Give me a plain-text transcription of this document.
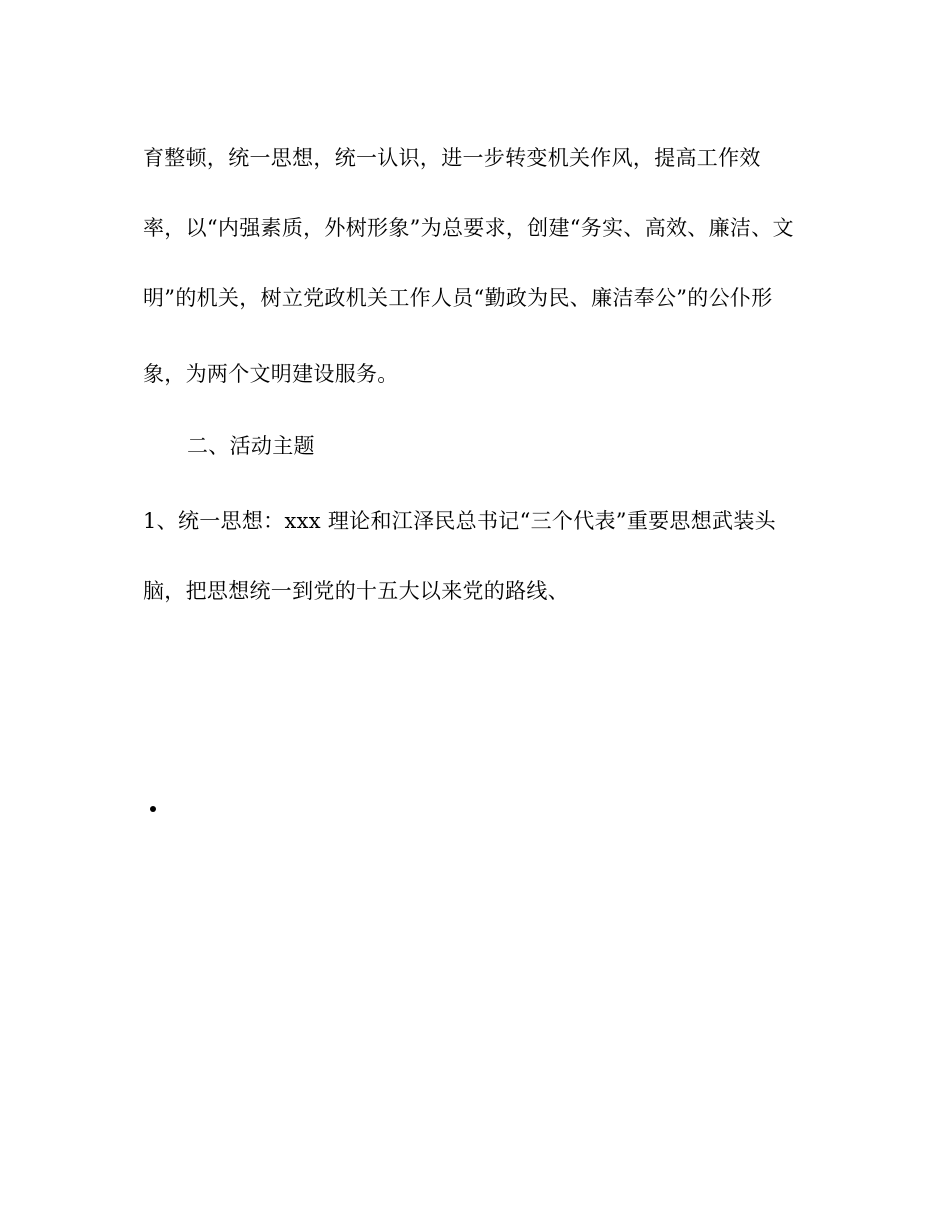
育整顿，统一思想，统一认识，进一步转变机关作风，提高工作效
率，以“内强素质，外树形象”为总要求，创建“务实、高效、廉洁、文
明”的机关，树立党政机关工作人员“勤政为民、廉洁奉公”的公仆形
象，为两个文明建设服务。
二、活动主题
1、统一思想：xxx 理论和江泽民总书记“三个代表”重要思想武装头
脑，把思想统一到党的十五大以来党的路线、
